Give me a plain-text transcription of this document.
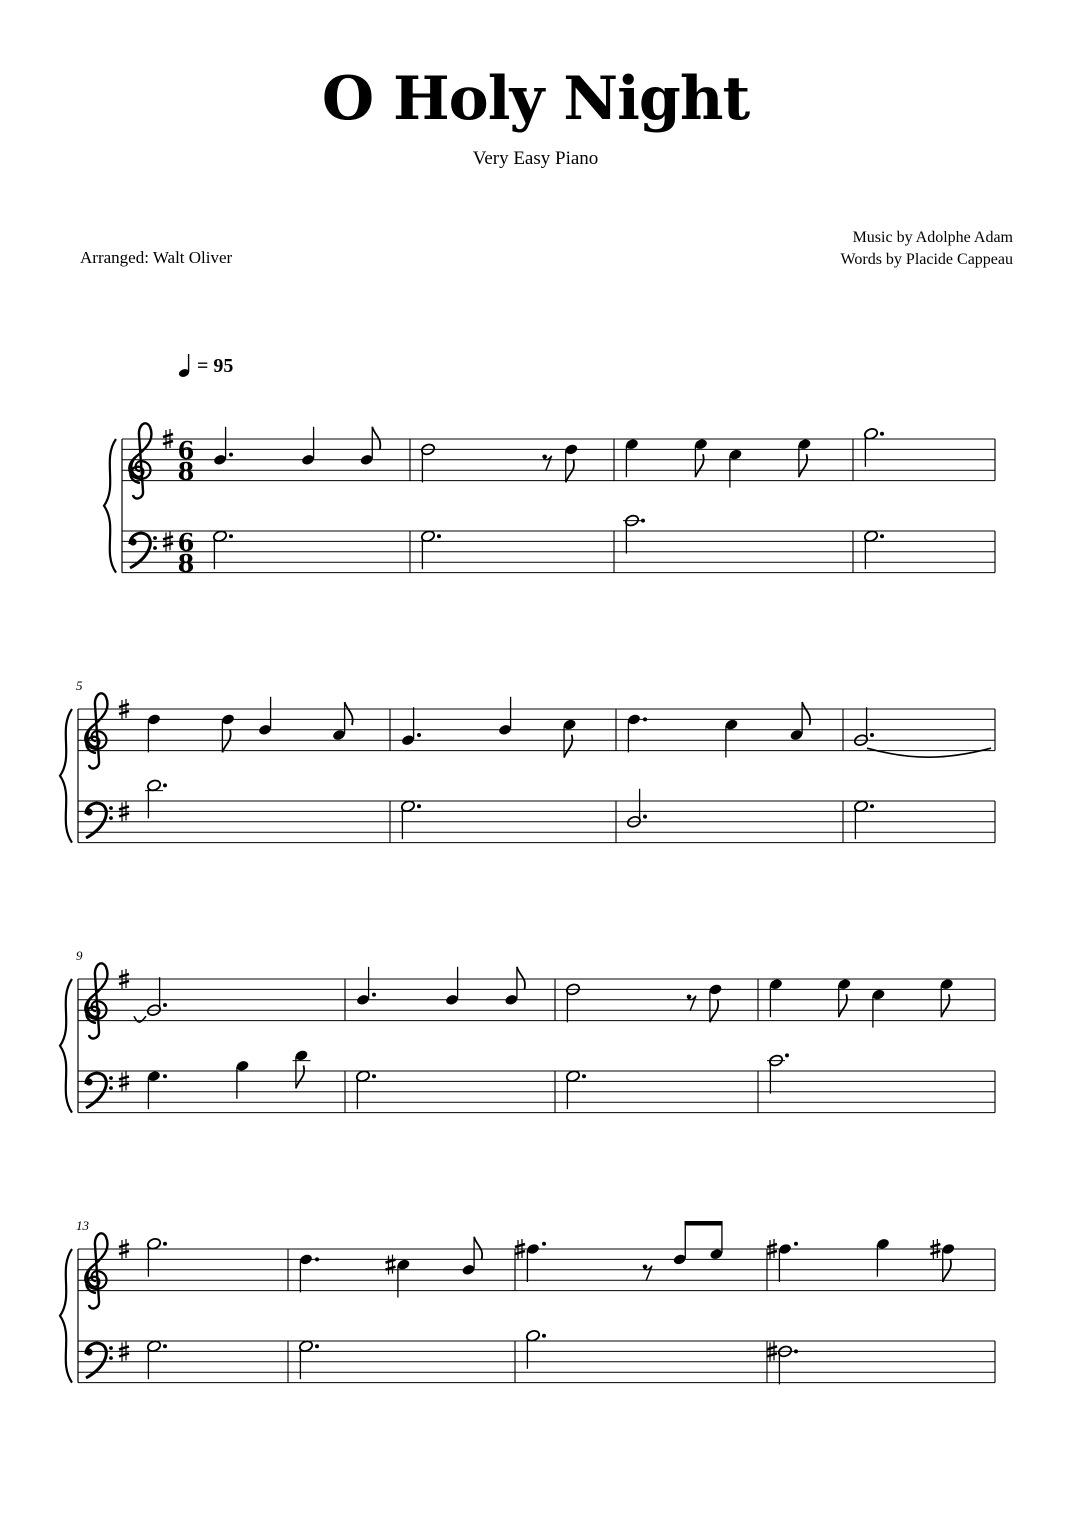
O Holy Night
Very Easy Piano
Arranged: Walt Oliver
Music by Adolphe Adam
Words by Placide Cappeau
= 95
6
8
6
8
5
9
13
